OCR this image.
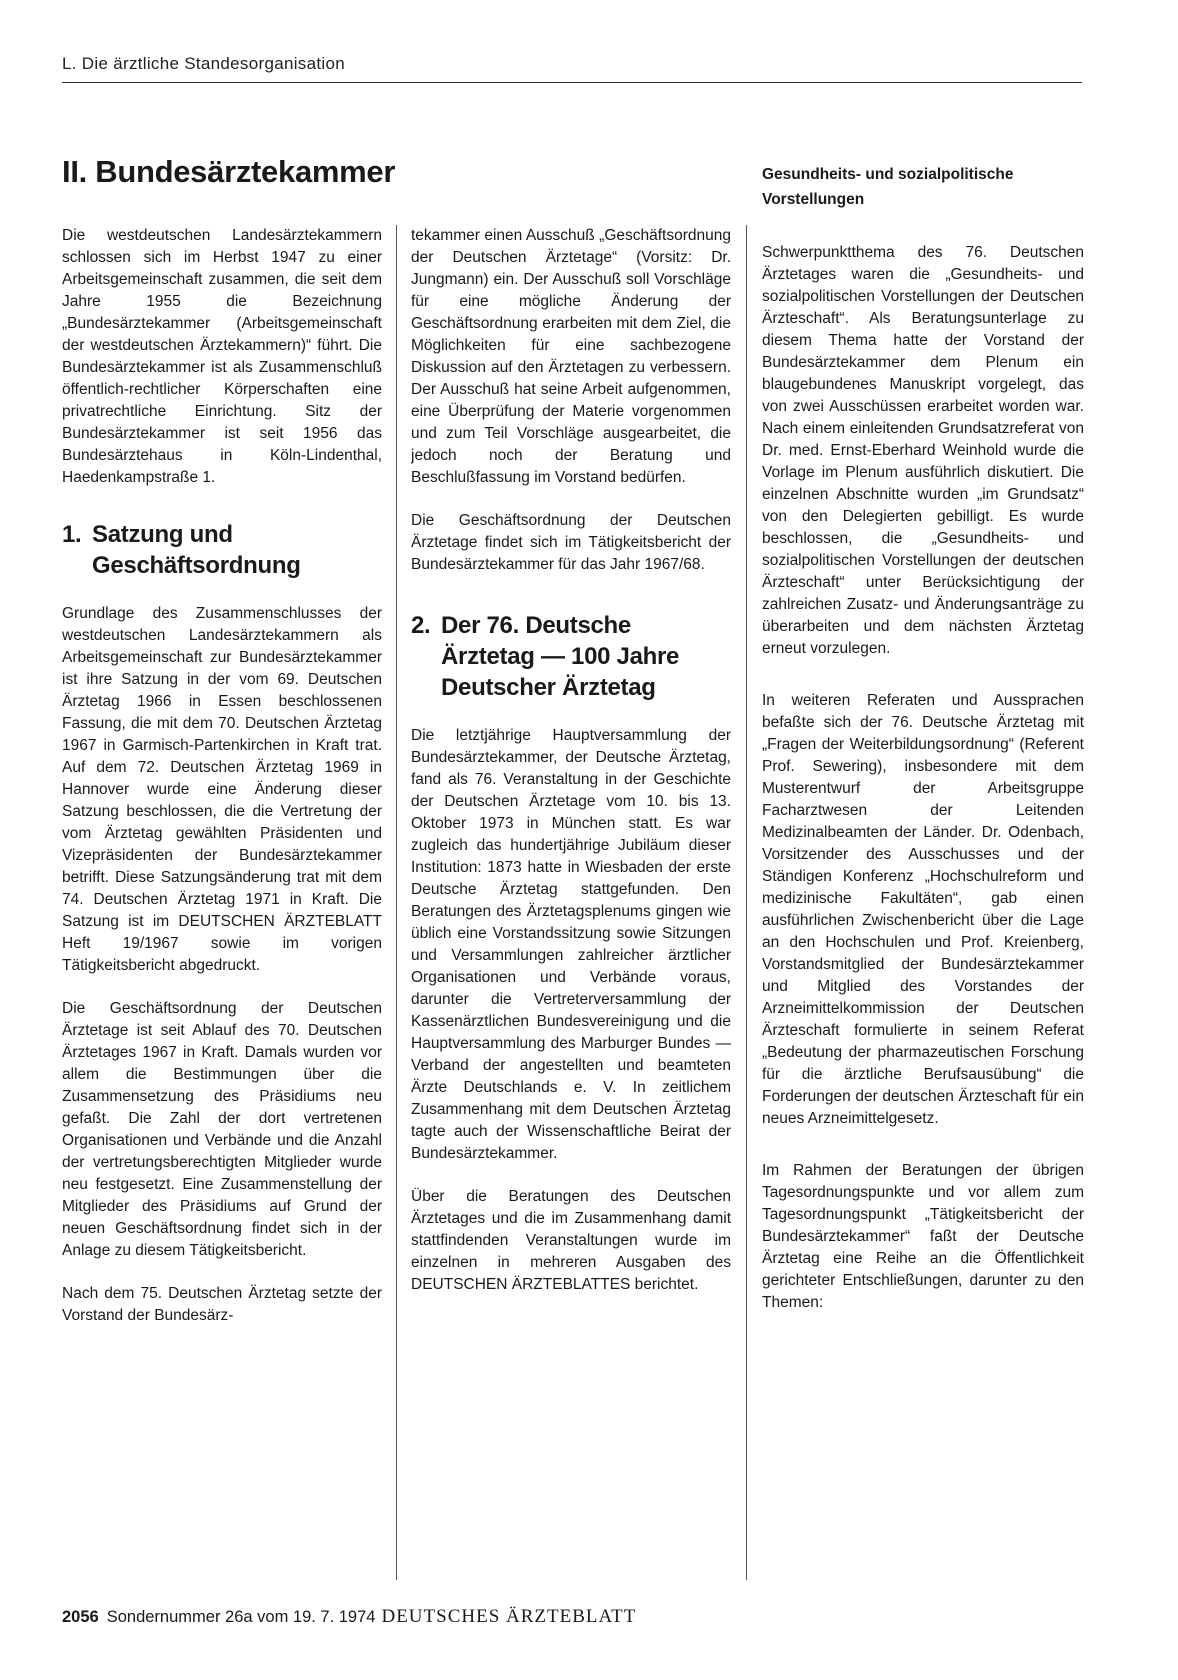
L. Die ärztliche Standesorganisation
II. Bundesärztekammer	Gesundheits- und sozialpolitische Vorstellungen

Die westdeutschen Landesärztekammern schlossen sich im Herbst 1947 zu einer Arbeitsgemeinschaft zusammen, die seit dem Jahre 1955 die Bezeichnung „Bundesärztekammer (Arbeitsgemeinschaft der westdeutschen Ärztekammern)“ führt. Die Bundesärztekammer ist als Zusammenschluß öffentlich-rechtlicher Körperschaften eine privatrechtliche Einrichtung. Sitz der Bundesärztekammer ist seit 1956 das Bundesärztehaus in Köln-Lindenthal, Haedenkampstraße 1.

1. Satzung und
Geschäftsordnung

Grundlage des Zusammenschlusses der westdeutschen Landesärztekammern als Arbeitsgemeinschaft zur Bundesärztekammer ist ihre Satzung in der vom 69. Deutschen Ärztetag 1966 in Essen beschlossenen Fassung, die mit dem 70. Deutschen Ärztetag 1967 in Garmisch-Partenkirchen in Kraft trat. Auf dem 72. Deutschen Ärztetag 1969 in Hannover wurde eine Änderung dieser Satzung beschlossen, die die Vertretung der vom Ärztetag gewählten Präsidenten und Vizepräsidenten der Bundesärztekammer betrifft. Diese Satzungsänderung trat mit dem 74. Deutschen Ärztetag 1971 in Kraft. Die Satzung ist im DEUTSCHEN ÄRZTEBLATT Heft 19/1967 sowie im vorigen Tätigkeitsbericht abgedruckt.

Die Geschäftsordnung der Deutschen Ärztetage ist seit Ablauf des 70. Deutschen Ärztetages 1967 in Kraft. Damals wurden vor allem die Bestimmungen über die Zusammensetzung des Präsidiums neu gefaßt. Die Zahl der dort vertretenen Organisationen und Verbände und die Anzahl der vertretungsberechtigten Mitglieder wurde neu festgesetzt. Eine Zusammenstellung der Mitglieder des Präsidiums auf Grund der neuen Geschäftsordnung findet sich in der Anlage zu diesem Tätigkeitsbericht.

Nach dem 75. Deutschen Ärztetag setzte der Vorstand der Bundesärz-

tekammer einen Ausschuß „Geschäftsordnung der Deutschen Ärztetage“ (Vorsitz: Dr. Jungmann) ein. Der Ausschuß soll Vorschläge für eine mögliche Änderung der Geschäftsordnung erarbeiten mit dem Ziel, die Möglichkeiten für eine sachbezogene Diskussion auf den Ärztetagen zu verbessern. Der Ausschuß hat seine Arbeit aufgenommen, eine Überprüfung der Materie vorgenommen und zum Teil Vorschläge ausgearbeitet, die jedoch noch der Beratung und Beschlußfassung im Vorstand bedürfen.

Die Geschäftsordnung der Deutschen Ärztetage findet sich im Tätigkeitsbericht der Bundesärztekammer für das Jahr 1967/68.

2. Der 76. Deutsche
Ärztetag — 100 Jahre
Deutscher Ärztetag

Die letztjährige Hauptversammlung der Bundesärztekammer, der Deutsche Ärztetag, fand als 76. Veranstaltung in der Geschichte der Deutschen Ärztetage vom 10. bis 13. Oktober 1973 in München statt. Es war zugleich das hundertjährige Jubiläum dieser Institution: 1873 hatte in Wiesbaden der erste Deutsche Ärztetag stattgefunden. Den Beratungen des Ärztetagsplenums gingen wie üblich eine Vorstandssitzung sowie Sitzungen und Versammlungen zahlreicher ärztlicher Organisationen und Verbände voraus, darunter die Vertreterversammlung der Kassenärztlichen Bundesvereinigung und die Hauptversammlung des Marburger Bundes — Verband der angestellten und beamteten Ärzte Deutschlands e. V. In zeitlichem Zusammenhang mit dem Deutschen Ärztetag tagte auch der Wissenschaftliche Beirat der Bundesärztekammer.

Über die Beratungen des Deutschen Ärztetages und die im Zusammenhang damit stattfindenden Veranstaltungen wurde im einzelnen in mehreren Ausgaben des DEUTSCHEN ÄRZTEBLATTES berichtet.

Schwerpunktthema des 76. Deutschen Ärztetages waren die „Gesundheits- und sozialpolitischen Vorstellungen der Deutschen Ärzteschaft“. Als Beratungsunterlage zu diesem Thema hatte der Vorstand der Bundesärztekammer dem Plenum ein blaugebundenes Manuskript vorgelegt, das von zwei Ausschüssen erarbeitet worden war. Nach einem einleitenden Grundsatzreferat von Dr. med. Ernst-Eberhard Weinhold wurde die Vorlage im Plenum ausführlich diskutiert. Die einzelnen Abschnitte wurden „im Grundsatz“ von den Delegierten gebilligt. Es wurde beschlossen, die „Gesundheits- und sozialpolitischen Vorstellungen der deutschen Ärzteschaft“ unter Berücksichtigung der zahlreichen Zusatz- und Änderungsanträge zu überarbeiten und dem nächsten Ärztetag erneut vorzulegen.

In weiteren Referaten und Aussprachen befaßte sich der 76. Deutsche Ärztetag mit „Fragen der Weiterbildungsordnung“ (Referent Prof. Sewering), insbesondere mit dem Musterentwurf der Arbeitsgruppe Facharztwesen der Leitenden Medizinalbeamten der Länder. Dr. Odenbach, Vorsitzender des Ausschusses und der Ständigen Konferenz „Hochschulreform und medizinische Fakultäten“, gab einen ausführlichen Zwischenbericht über die Lage an den Hochschulen und Prof. Kreienberg, Vorstandsmitglied der Bundesärztekammer und Mitglied des Vorstandes der Arzneimittelkommission der Deutschen Ärzteschaft formulierte in seinem Referat „Bedeutung der pharmazeutischen Forschung für die ärztliche Berufsausübung“ die Forderungen der deutschen Ärzteschaft für ein neues Arzneimittelgesetz.

Im Rahmen der Beratungen der übrigen Tagesordnungspunkte und vor allem zum Tagesordnungspunkt „Tätigkeitsbericht der Bundesärztekammer“ faßt der Deutsche Ärztetag eine Reihe an die Öffentlichkeit gerichteter Entschließungen, darunter zu den Themen:

2056 Sondernummer 26a vom 19. 7. 1974 DEUTSCHES ÄRZTEBLATT
